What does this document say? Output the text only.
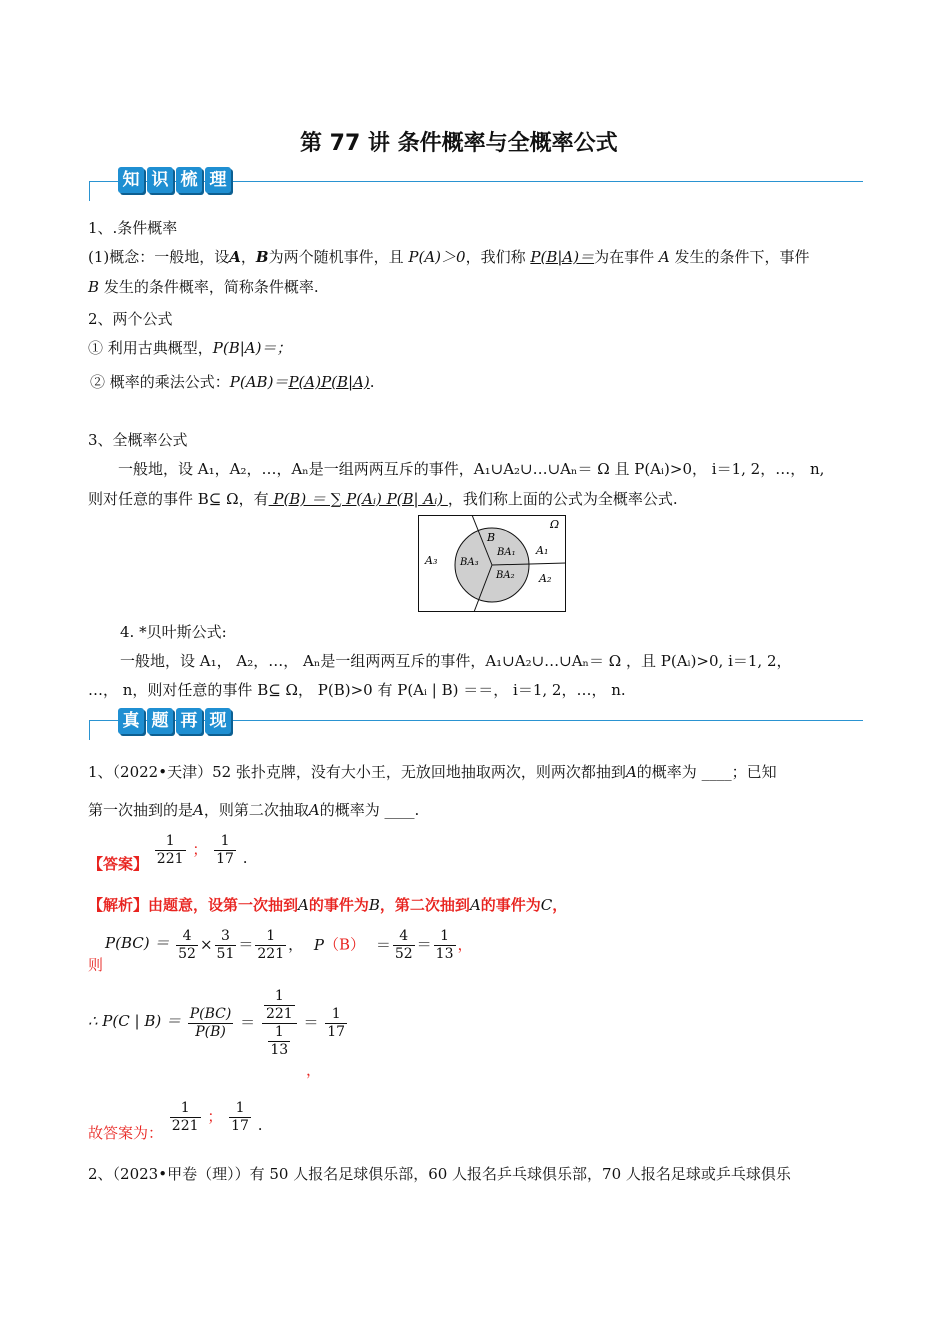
第 77 讲 条件概率与全概率公式
知 识 梳 理
1、.条件概率
(1)概念：一般地，设A，B为两个随机事件，且 P(A)＞0，我们称 P(B|A)＝为在事件 A 发生的条件下，事件
B 发生的条件概率，简称条件概率.
2、两个公式
① 利用古典概型，P(B|A)＝；
② 概率的乘法公式：P(AB)＝P(A)P(B|A).
3、全概率公式
一般地，设 A₁，A₂，…，Aₙ是一组两两互斥的事件，A₁∪A₂∪…∪Aₙ＝ Ω 且 P(Aᵢ)>0， i＝1, 2，…， n,
则对任意的事件 B⊆ Ω，有 P(B) ＝ ∑ P(Aᵢ) P(B| Aᵢ) ，我们称上面的公式为全概率公式.
Ω
B
BA₁
BA₂
BA₃
A₁
A₂
A₃
4. *贝叶斯公式:
一般地，设 A₁， A₂，…， Aₙ是一组两两互斥的事件，A₁∪A₂∪…∪Aₙ＝ Ω ，且 P(Aᵢ)>0, i＝1, 2，
…， n，则对任意的事件 B⊆ Ω， P(B)>0 有 P(Aᵢ | B) ＝＝， i＝1, 2，…， n.
真 题 再 现
1、（2022•天津）52 张扑克牌，没有大小王，无放回地抽取两次，则两次都抽到A的概率为 ____；已知
第一次抽到的是A，则第二次抽取A的概率为 ____.
【答案】 $\frac{1}{221}$ ； $\frac{1}{17}$ .
【解析】由题意，设第一次抽到A的事件为B，第二次抽到A的事件为C，
$P(BC) = \frac{4}{52} \times \frac{3}{51} = \frac{1}{221}$ ， $P(B) = \frac{4}{52} = \frac{1}{13}$ ，
则
∴ P(C | $B) = \frac{P(BC)}{P(B)} = \frac{\frac{1}{221}}{\frac{1}{13}} = \frac{1}{17}$
，
故答案为： $\frac{1}{221}$ ； $\frac{1}{17}$ .
2、（2023•甲卷（理））有 50 人报名足球俱乐部，60 人报名乒乓球俱乐部，70 人报名足球或乒乓球俱乐
